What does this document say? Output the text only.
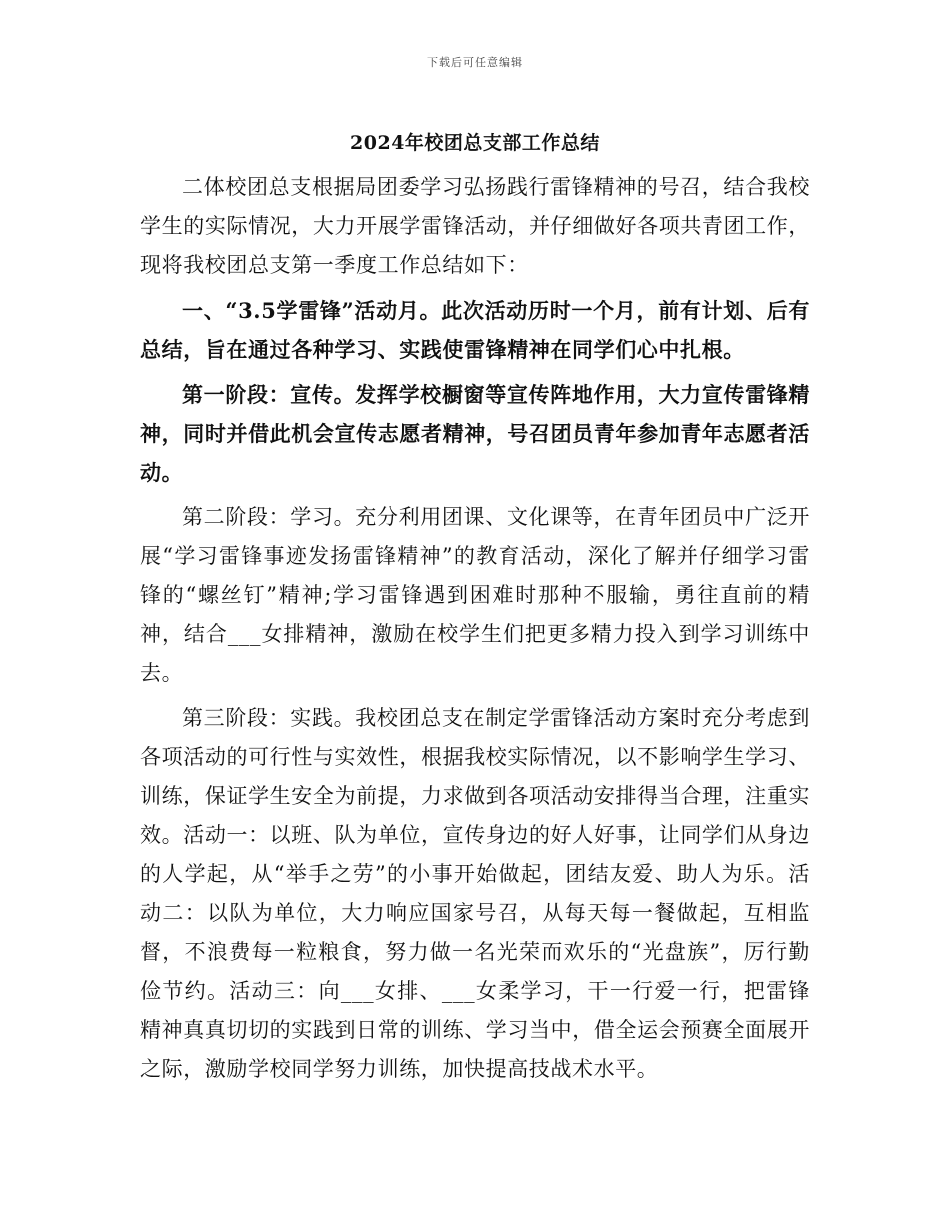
下载后可任意编辑
2024年校团总支部工作总结

二体校团总支根据局团委学习弘扬践行雷锋精神的号召，结合我校学生的实际情况，大力开展学雷锋活动，并仔细做好各项共青团工作，现将我校团总支第一季度工作总结如下：

一、“3.5学雷锋”活动月。此次活动历时一个月，前有计划、后有总结，旨在通过各种学习、实践使雷锋精神在同学们心中扎根。

第一阶段：宣传。发挥学校橱窗等宣传阵地作用，大力宣传雷锋精神，同时并借此机会宣传志愿者精神，号召团员青年参加青年志愿者活动。

第二阶段：学习。充分利用团课、文化课等，在青年团员中广泛开展“学习雷锋事迹发扬雷锋精神”的教育活动，深化了解并仔细学习雷锋的“螺丝钉”精神;学习雷锋遇到困难时那种不服输，勇往直前的精神，结合___女排精神，激励在校学生们把更多精力投入到学习训练中去。

第三阶段：实践。我校团总支在制定学雷锋活动方案时充分考虑到各项活动的可行性与实效性，根据我校实际情况，以不影响学生学习、训练，保证学生安全为前提，力求做到各项活动安排得当合理，注重实效。活动一：以班、队为单位，宣传身边的好人好事，让同学们从身边的人学起，从“举手之劳”的小事开始做起，团结友爱、助人为乐。活动二：以队为单位，大力响应国家号召，从每天每一餐做起，互相监督，不浪费每一粒粮食，努力做一名光荣而欢乐的“光盘族”，厉行勤俭节约。活动三：向___女排、___女柔学习，干一行爱一行，把雷锋精神真真切切的实践到日常的训练、学习当中，借全运会预赛全面展开之际，激励学校同学努力训练，加快提高技战术水平。
